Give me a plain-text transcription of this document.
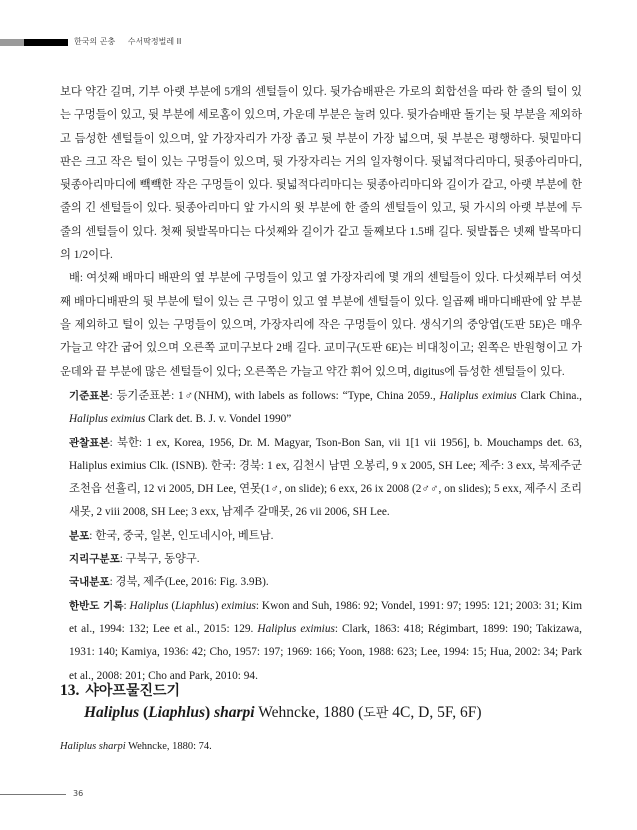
한국의 곤충 수서딱정벌레 II

보다 약간 길며, 기부 아랫 부분에 5개의 센털들이 있다. 뒷가슴배판은 가로의 회합선을 따라 한 줄의 털이 있는 구멍들이 있고, 뒷 부분에 세로홈이 있으며, 가운데 부분은 눌려 있다. 뒷가슴배판 돌기는 뒷 부분을 제외하고 듬성한 센털들이 있으며, 앞 가장자리가 가장 좁고 뒷 부분이 가장 넓으며, 뒷 부분은 평행하다. 뒷밑마디 판은 크고 작은 털이 있는 구멍들이 있으며, 뒷 가장자리는 거의 일자형이다. 뒷넓적다리마디, 뒷종아리마디, 뒷종아리마디에 빽빽한 작은 구멍들이 있다. 뒷넓적다리마디는 뒷종아리마디와 길이가 같고, 아랫 부분에 한 줄의 긴 센털들이 있다. 뒷종아리마디 앞 가시의 윗 부분에 한 줄의 센털들이 있고, 뒷 가시의 아랫 부분에 두 줄의 센털들이 있다. 첫째 뒷발목마디는 다섯째와 길이가 같고 둘째보다 1.5배 길다. 뒷발톱은 넷째 발목마디의 1/2이다.

배: 여섯째 배마디 배판의 옆 부분에 구멍들이 있고 옆 가장자리에 몇 개의 센털들이 있다. 다섯째부터 여섯째 배마디배판의 뒷 부분에 털이 있는 큰 구멍이 있고 옆 부분에 센털들이 있다. 일곱째 배마디배판에 앞 부분을 제외하고 털이 있는 구멍들이 있으며, 가장자리에 작은 구멍들이 있다. 생식기의 중앙엽(도판 5E)은 매우 가늘고 약간 굽어 있으며 오른쪽 교미구보다 2배 길다. 교미구(도판 6E)는 비대칭이고; 왼쪽은 반원형이고 가운데와 끝 부분에 많은 센털들이 있다; 오른쪽은 가늘고 약간 휘어 있으며, digitus에 듬성한 센털들이 있다.

기준표본: 등기준표본: 1♂(NHM), with labels as follows: “Type, China 2059., Haliplus eximius Clark China., Haliplus eximius Clark det. B. J. v. Vondel 1990”

관찰표본: 북한: 1 ex, Korea, 1956, Dr. M. Magyar, Tson-Bon San, vii 1[1 vii 1956], b. Mouchamps det. 63, Haliplus eximius Clk. (ISNB). 한국: 경북: 1 ex, 김천시 남면 오봉리, 9 x 2005, SH Lee; 제주: 3 exx, 북제주군 조천읍 선흘리, 12 vi 2005, DH Lee, 연못(1♂, on slide); 6 exx, 26 ix 2008 (2♂♂, on slides); 5 exx, 제주시 조리새못, 2 viii 2008, SH Lee; 3 exx, 남제주 갈매못, 26 vii 2006, SH Lee.

분포: 한국, 중국, 일본, 인도네시아, 베트남.

지리구분포: 구북구, 동양구.

국내분포: 경북, 제주(Lee, 2016: Fig. 3.9B).

한반도 기록: Haliplus (Liaphlus) eximius: Kwon and Suh, 1986: 92; Vondel, 1991: 97; 1995: 121; 2003: 31; Kim et al., 1994: 132; Lee et al., 2015: 129. Haliplus eximius: Clark, 1863: 418; Régimbart, 1899: 190; Takizawa, 1931: 140; Kamiya, 1936: 42; Cho, 1957: 197; 1969: 166; Yoon, 1988: 623; Lee, 1994: 15; Hua, 2002: 34; Park et al., 2008: 201; Cho and Park, 2010: 94.

13. 샤아프물진드기
Haliplus (Liaphlus) sharpi Wehncke, 1880 (도판 4C, D, 5F, 6F)
Haliplus sharpi Wehncke, 1880: 74.
36
